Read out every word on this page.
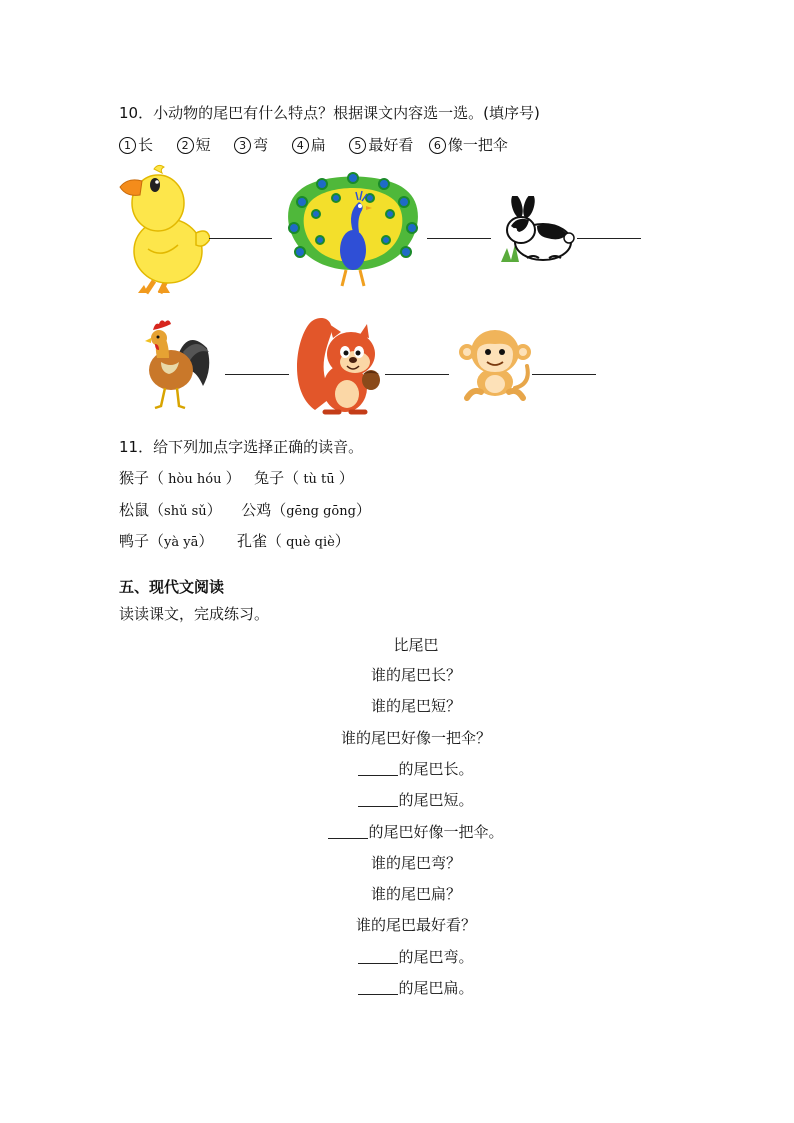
10．小动物的尾巴有什么特点？根据课文内容选一选。(填序号)
1 长	2 短	3 弯	4 扁	5 最好看 6 像一把伞
11．给下列加点字选择正确的读音。
猴子（ hòu hóu ） 兔子（ tù tū ）
松鼠（shǔ sǔ） 公鸡（gēng gōng）
鸭子（yà yā） 孔雀（ què qiè）
五、现代文阅读
读读课文，完成练习。
比尾巴
谁的尾巴长？
谁的尾巴短？
谁的尾巴好像一把伞？
的尾巴长。
的尾巴短。
的尾巴好像一把伞。
谁的尾巴弯？
谁的尾巴扁？
谁的尾巴最好看？
的尾巴弯。
的尾巴扁。
